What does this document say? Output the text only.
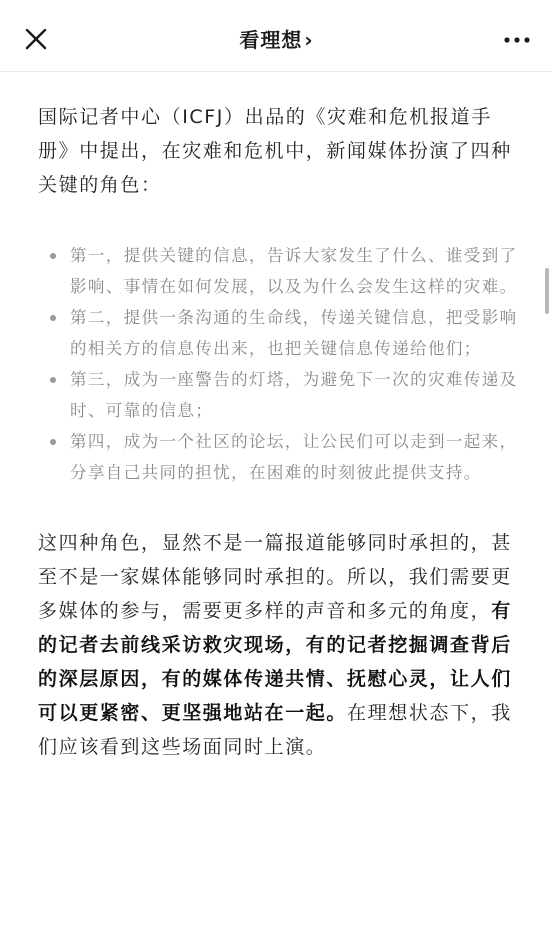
看理想 ›

国际记者中心（ICFJ）出品的《灾难和危机报道手册》中提出，在灾难和危机中，新闻媒体扮演了四种关键的角色：

第一，提供关键的信息，告诉大家发生了什么、谁受到了影响、事情在如何发展，以及为什么会发生这样的灾难。
第二，提供一条沟通的生命线，传递关键信息，把受影响的相关方的信息传出来，也把关键信息传递给他们；
第三，成为一座警告的灯塔，为避免下一次的灾难传递及时、可靠的信息；
第四，成为一个社区的论坛，让公民们可以走到一起来，分享自己共同的担忧，在困难的时刻彼此提供支持。

这四种角色，显然不是一篇报道能够同时承担的，甚至不是一家媒体能够同时承担的。所以，我们需要更多媒体的参与，需要更多样的声音和多元的角度，有的记者去前线采访救灾现场，有的记者挖掘调查背后的深层原因，有的媒体传递共情、抚慰心灵，让人们可以更紧密、更坚强地站在一起。在理想状态下，我们应该看到这些场面同时上演。
